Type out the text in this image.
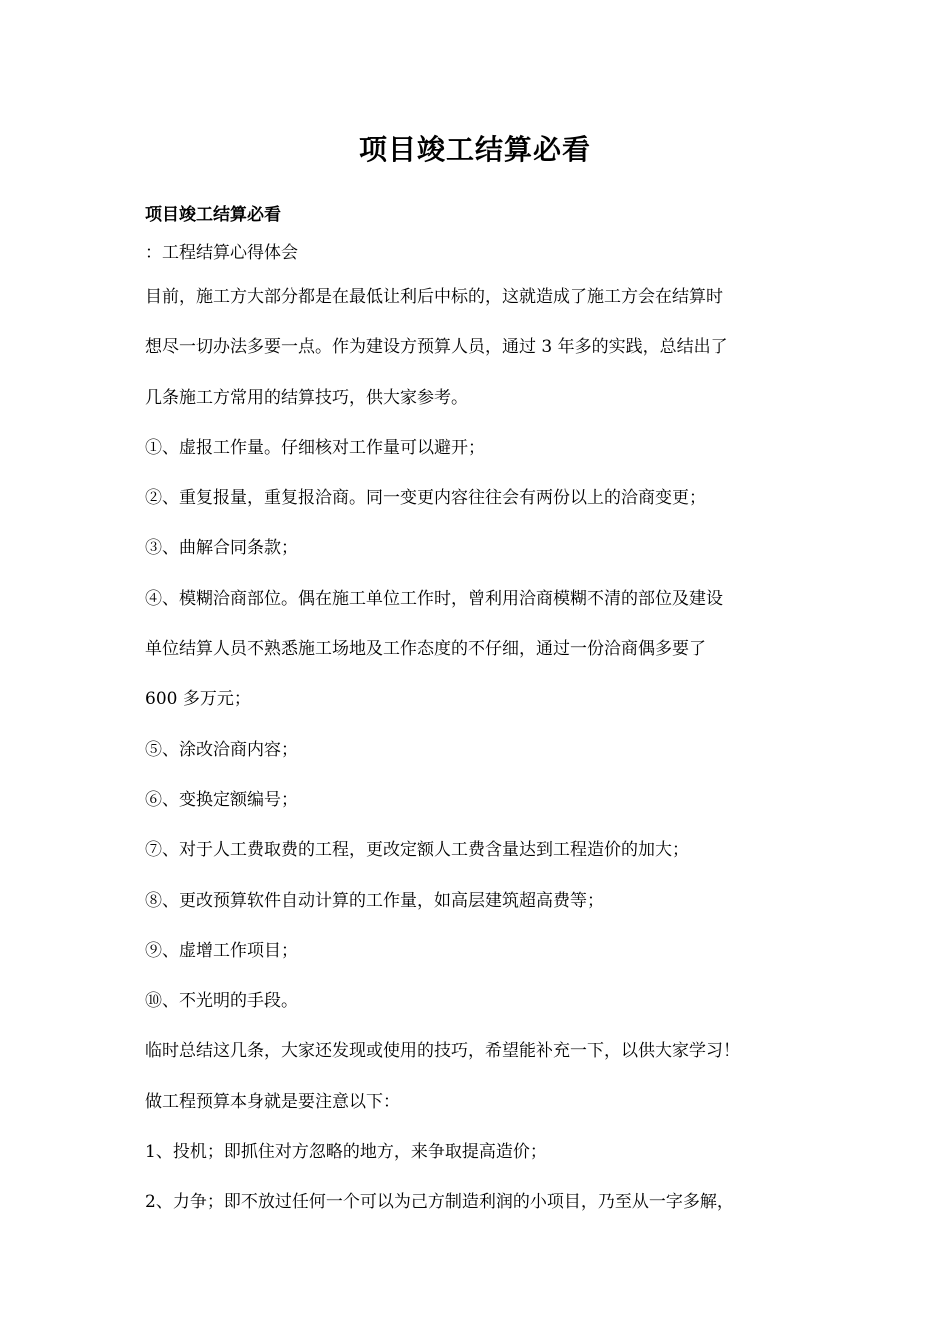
项目竣工结算必看
项目竣工结算必看
：工程结算心得体会
目前，施工方大部分都是在最低让利后中标的，这就造成了施工方会在结算时
想尽一切办法多要一点。作为建设方预算人员，通过 3 年多的实践，总结出了
几条施工方常用的结算技巧，供大家参考。
①、虚报工作量。仔细核对工作量可以避开；
②、重复报量，重复报洽商。同一变更内容往往会有两份以上的洽商变更；
③、曲解合同条款；
④、模糊洽商部位。偶在施工单位工作时，曾利用洽商模糊不清的部位及建设
单位结算人员不熟悉施工场地及工作态度的不仔细，通过一份洽商偶多要了
600 多万元；
⑤、涂改洽商内容；
⑥、变换定额编号；
⑦、对于人工费取费的工程，更改定额人工费含量达到工程造价的加大；
⑧、更改预算软件自动计算的工作量，如高层建筑超高费等；
⑨、虚增工作项目；
⑩、不光明的手段。
临时总结这几条，大家还发现或使用的技巧，希望能补充一下，以供大家学习！
做工程预算本身就是要注意以下：
1、投机；即抓住对方忽略的地方，来争取提高造价；
2、力争；即不放过任何一个可以为己方制造利润的小项目，乃至从一字多解，
